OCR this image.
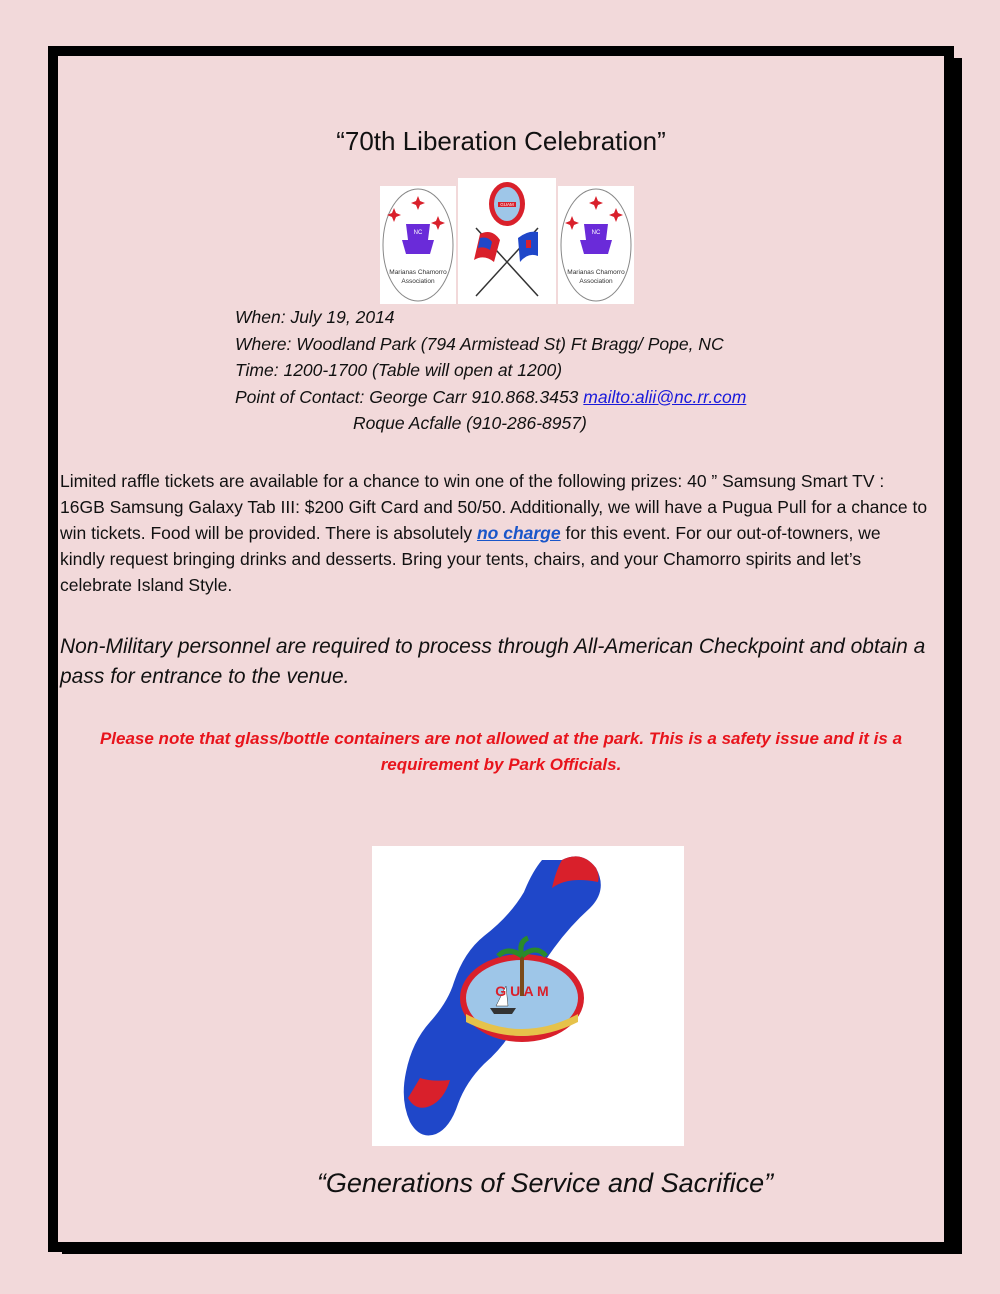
“70th Liberation Celebration”
NC
Marianas Chamorro
Association
GUAM
NC
Marianas Chamorro
Association
When: July 19, 2014
Where: Woodland Park (794 Armistead St) Ft Bragg/ Pope, NC
Time: 1200-1700 (Table will open at 1200)
Point of Contact: George Carr 910.868.3453 mailto:alii@nc.rr.com
Roque Acfalle (910-286-8957)
Limited raffle tickets are available for a chance to win one of the following prizes: 40 ” Samsung Smart TV : 16GB Samsung Galaxy Tab III: $200 Gift Card and 50/50. Additionally, we will have a Pugua Pull for a chance to win tickets. Food will be provided. There is absolutely no charge for this event. For our out-of-towners, we kindly request bringing drinks and desserts. Bring your tents, chairs, and your Chamorro spirits and let’s celebrate Island Style.
Non-Military personnel are required to process through All-American Checkpoint and obtain a pass for entrance to the venue.
Please note that glass/bottle containers are not allowed at the park. This is a safety issue and it is a requirement by Park Officials.
G U A M
“Generations of Service and Sacrifice”
